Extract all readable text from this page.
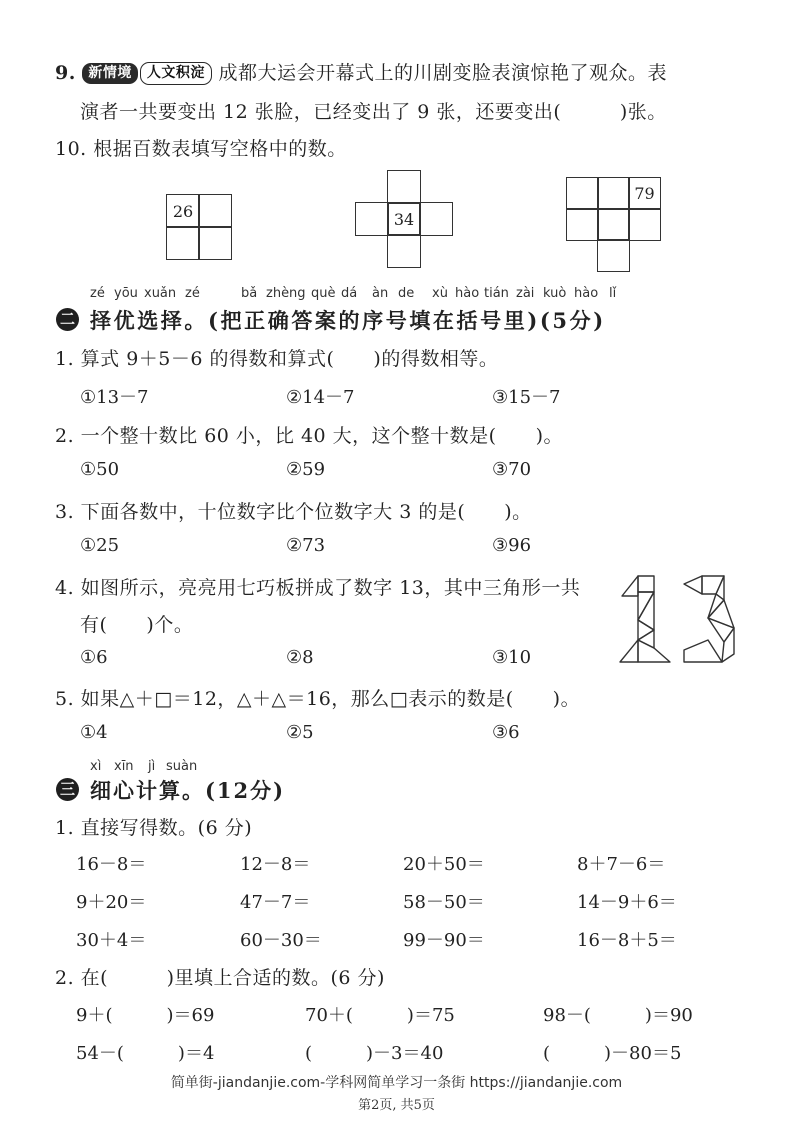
9. 新情境 人文积淀 成都大运会开幕式上的川剧变脸表演惊艳了观众。表
演者一共要变出 12 张脸，已经变出了 9 张，还要变出(　　　)张。
10. 根据百数表填写空格中的数。
26	34
79
zé yōu xuǎn zé	bǎ zhèng què dá àn de xù hào tián zài kuò hào lǐ
二 择优选择。(把正确答案的序号填在括号里)(5分)
1. 算式 9＋5－6 的得数和算式(　　)的得数相等。
①13－7	②14－7	③15－7
2. 一个整十数比 60 小，比 40 大，这个整十数是(　　)。
①50	②59	③70
3. 下面各数中，十位数字比个位数字大 3 的是(　　)。
①25	②73	③96
4. 如图所示，亮亮用七巧板拼成了数字 13，其中三角形一共
有(　　)个。
①6	②8	③10
5. 如果△＋□＝12，△＋△＝16，那么□表示的数是(　　)。
①4	②5	③6
xì xīn jì suàn
三 细心计算。(12分)
1. 直接写得数。(6 分)
16－8＝	12－8＝	20＋50＝	8＋7－6＝
9＋20＝	47－7＝	58－50＝	14－9＋6＝
30＋4＝	60－30＝	99－90＝	16－8＋5＝
2. 在(　　　)里填上合适的数。(6 分)
9＋(　　　)＝69	70＋(　　　)＝75	98－(　　　)＝90
54－(　　　)＝4	(　　　)－3＝40	(　　　)－80＝5
简单街-jiandanjie.com-学科网简单学习一条街 https://jiandanjie.com
第2页, 共5页
